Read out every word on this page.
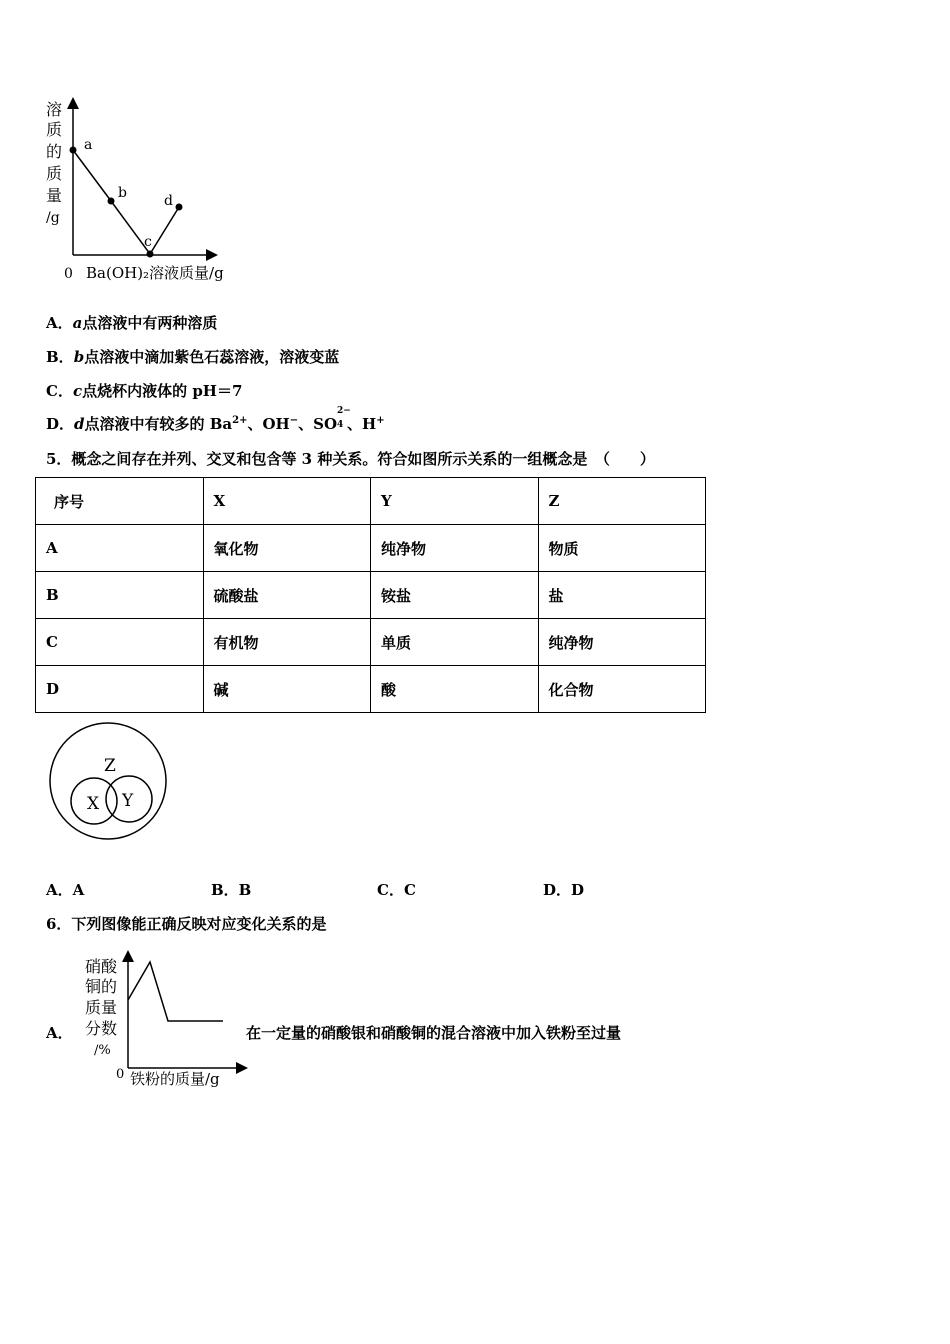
a
b
c
d
溶
质
的
质
量
/g
0 Ba(OH)₂溶液质量/g
A．a点溶液中有两种溶质
B．b点溶液中滴加紫色石蕊溶液，溶液变蓝
C．c点烧杯内液体的 pH＝7
D．d点溶液中有较多的 $Ba^{2+}$、OH−、SO
2−
4 、H+
5．概念之间存在并列、交叉和包含等 3 种关系。符合如图所示关系的一组概念是　（　　）
序号	X	Y	Z
A	氧化物	纯净物	物质
B	硫酸盐	铵盐	盐
C	有机物	单质	纯净物
D	碱	酸	化合物
Z
X Y
A．A	B．B	C．C	D．D
6．下列图像能正确反映对应变化关系的是
A．
硝酸
铜的
质量
分数
/%
0 铁粉的质量/g
在一定量的硝酸银和硝酸铜的混合溶液中加入铁粉至过量
